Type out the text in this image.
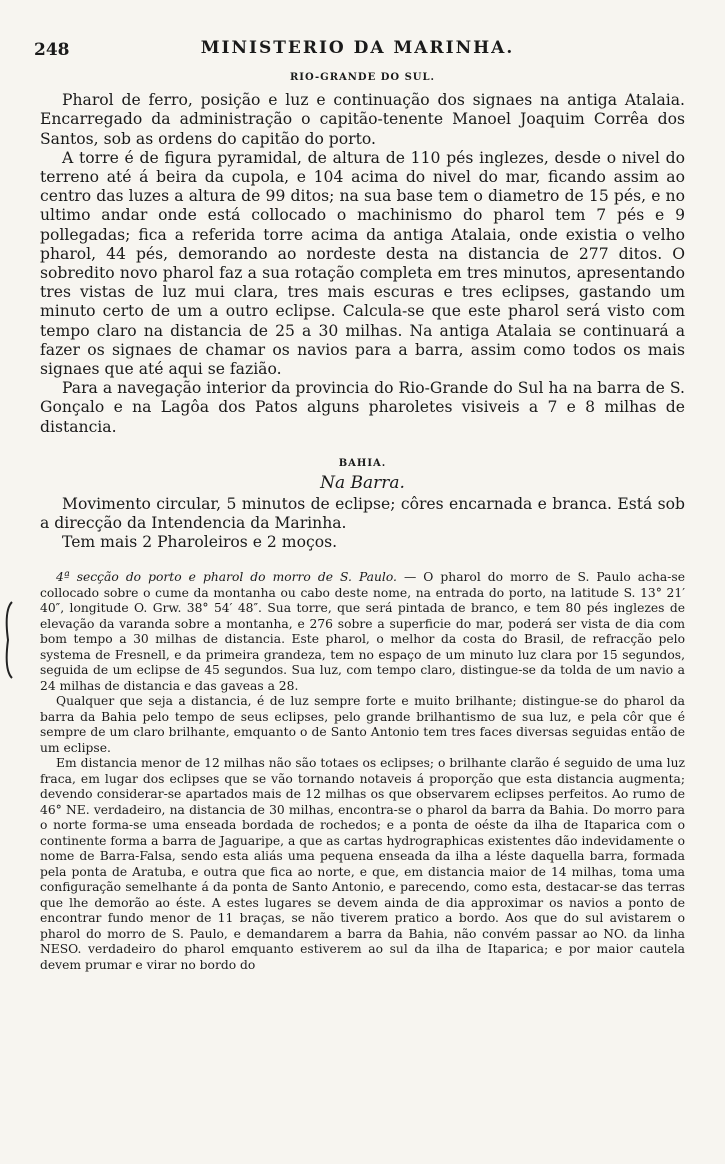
248	MINISTERIO DA MARINHA.
RIO-GRANDE DO SUL.

Pharol de ferro, posição e luz e continuação dos signaes na antiga Atalaia. Encarregado da administração o capitão-tenente Manoel Joaquim Corrêa dos Santos, sob as ordens do capitão do porto.

A torre é de figura pyramidal, de altura de 110 pés inglezes, desde o nivel do terreno até á beira da cupola, e 104 acima do nivel do mar, ficando assim ao centro das luzes a altura de 99 ditos; na sua base tem o diametro de 15 pés, e no ultimo andar onde está collocado o machinismo do pharol tem 7 pés e 9 pollegadas; fica a referida torre acima da antiga Atalaia, onde existia o velho pharol, 44 pés, demorando ao nordeste desta na distancia de 277 ditos. O sobredito novo pharol faz a sua rotação completa em tres minutos, apresentando tres vistas de luz mui clara, tres mais escuras e tres eclipses, gastando um minuto certo de um a outro eclipse. Calcula-se que este pharol será visto com tempo claro na distancia de 25 a 30 milhas. Na antiga Atalaia se continuará a fazer os signaes de chamar os navios para a barra, assim como todos os mais signaes que até aqui se fazião.

Para a navegação interior da provincia do Rio-Grande do Sul ha na barra de S. Gonçalo e na Lagôa dos Patos alguns pharoletes visiveis a 7 e 8 milhas de distancia.

BAHIA.
Na Barra.

Movimento circular, 5 minutos de eclipse; côres encarnada e branca. Está sob a direcção da Intendencia da Marinha.

Tem mais 2 Pharoleiros e 2 moços.

4ª secção do porto e pharol do morro de S. Paulo. — O pharol do morro de S. Paulo acha-se collocado sobre o cume da montanha ou cabo deste nome, na entrada do porto, na latitude S. 13° 21′ 40″, longitude O. Grw. 38° 54′ 48″. Sua torre, que será pintada de branco, e tem 80 pés inglezes de elevação da varanda sobre a montanha, e 276 sobre a superficie do mar, poderá ser vista de dia com bom tempo a 30 milhas de distancia. Este pharol, o melhor da costa do Brasil, de refracção pelo systema de Fresnell, e da primeira grandeza, tem no espaço de um minuto luz clara por 15 segundos, seguida de um eclipse de 45 segundos. Sua luz, com tempo claro, distingue-se da tolda de um navio a 24 milhas de distancia e das gaveas a 28.

Qualquer que seja a distancia, é de luz sempre forte e muito brilhante; distingue-se do pharol da barra da Bahia pelo tempo de seus eclipses, pelo grande brilhantismo de sua luz, e pela côr que é sempre de um claro brilhante, emquanto o de Santo Antonio tem tres faces diversas seguidas então de um eclipse.

Em distancia menor de 12 milhas não são totaes os eclipses; o brilhante clarão é seguido de uma luz fraca, em lugar dos eclipses que se vão tornando notaveis á proporção que esta distancia augmenta; devendo considerar-se apartados mais de 12 milhas os que observarem eclipses perfeitos. Ao rumo de 46° NE. verdadeiro, na distancia de 30 milhas, encontra-se o pharol da barra da Bahia. Do morro para o norte forma-se uma enseada bordada de rochedos; e a ponta de oéste da ilha de Itaparica com o continente forma a barra de Jaguaripe, a que as cartas hydrographicas existentes dão indevidamente o nome de Barra-Falsa, sendo esta aliás uma pequena enseada da ilha a léste daquella barra, formada pela ponta de Aratuba, e outra que fica ao norte, e que, em distancia maior de 14 milhas, toma uma configuração semelhante á da ponta de Santo Antonio, e parecendo, como esta, destacar-se das terras que lhe demorão ao éste. A estes lugares se devem ainda de dia approximar os navios a ponto de encontrar fundo menor de 11 braças, se não tiverem pratico a bordo. Aos que do sul avistarem o pharol do morro de S. Paulo, e demandarem a barra da Bahia, não convém passar ao NO. da linha NESO. verdadeiro do pharol emquanto estiverem ao sul da ilha de Itaparica; e por maior cautela devem prumar e virar no bordo do
